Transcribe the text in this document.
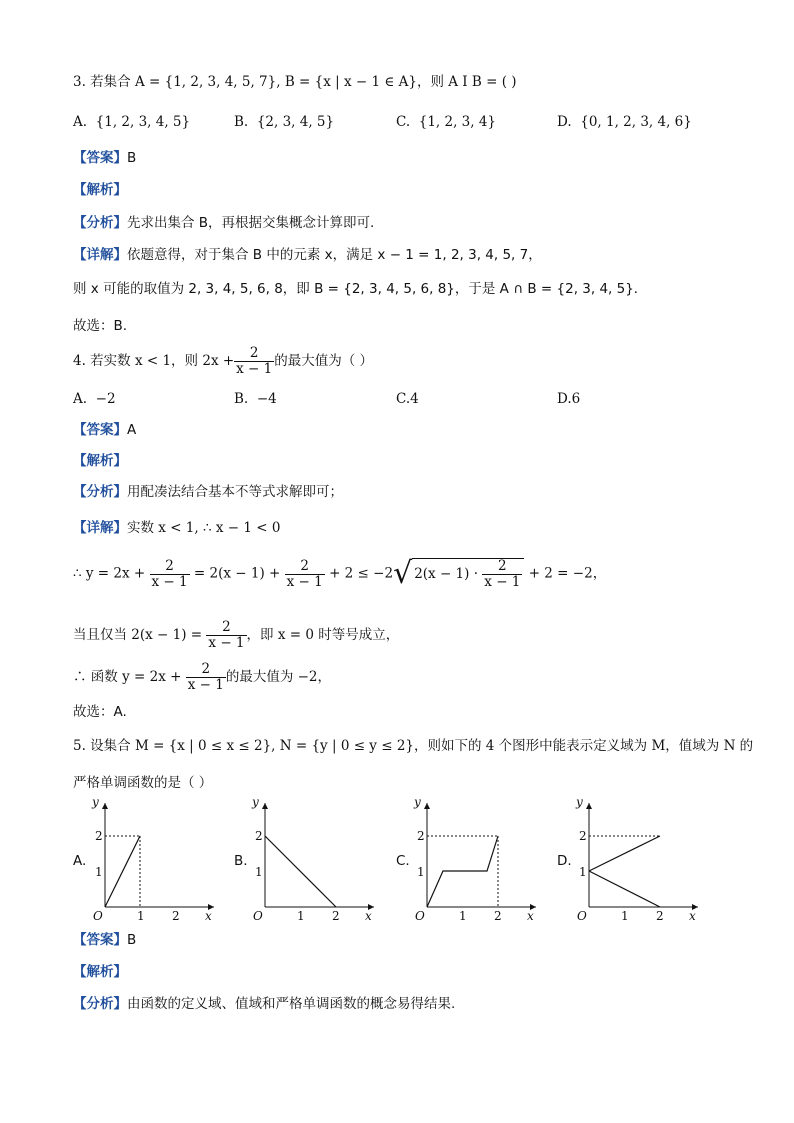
3. 若集合 A = {1, 2, 3, 4, 5, 7}, B = {x | x − 1 ∈ A}，则 A I B = ( )
A. {1, 2, 3, 4, 5}	B. {2, 3, 4, 5}	C. {1, 2, 3, 4}	D. {0, 1, 2, 3, 4, 6}
【答案】B
【解析】
【分析】先求出集合 B，再根据交集概念计算即可.
【详解】依题意得，对于集合 B 中的元素 x，满足 x − 1 = 1, 2, 3, 4, 5, 7，
则 x 可能的取值为 2, 3, 4, 5, 6, 8，即 B = {2, 3, 4, 5, 6, 8}，于是 A ∩ B = {2, 3, 4, 5}．
故选：B.
4. 若实数 x < 1，则 $2x + \frac{2}{x - 1}$ 的最大值为（ ）
A. −2	B. −4	C.4	D.6
【答案】A
【解析】
【分析】用配凑法结合基本不等式求解即可；
【详解】实数 x < 1, ∴ x − 1 < 0
∴ $y = 2x + \frac{2}{x - 1} = 2(x - 1) + \frac{2}{x - 1} + 2 \le -2√$ $2(x - 1) \cdot \frac{2}{x - 1} + 2 = -2$，
当且仅当 $2(x - 1) = \frac{2}{x - 1}$ ，即 x = 0 时等号成立，
∴ 函数 $y = 2x + \frac{2}{x - 1}$ 的最大值为 −2，
故选：A.
5. 设集合 M = {x | 0 ≤ x ≤ 2}, N = {y | 0 ≤ y ≤ 2}，则如下的 4 个图形中能表示定义域为 M，值域为 N 的
严格单调函数的是（ ）
A.
y
x
O
2
1
1 2
B.
y
x
O
2
1
1 2
C.
y
x
O
2
1
1 2
D.
y
x
O
2
1
1 2
【答案】B
【解析】
【分析】由函数的定义域、值域和严格单调函数的概念易得结果.
